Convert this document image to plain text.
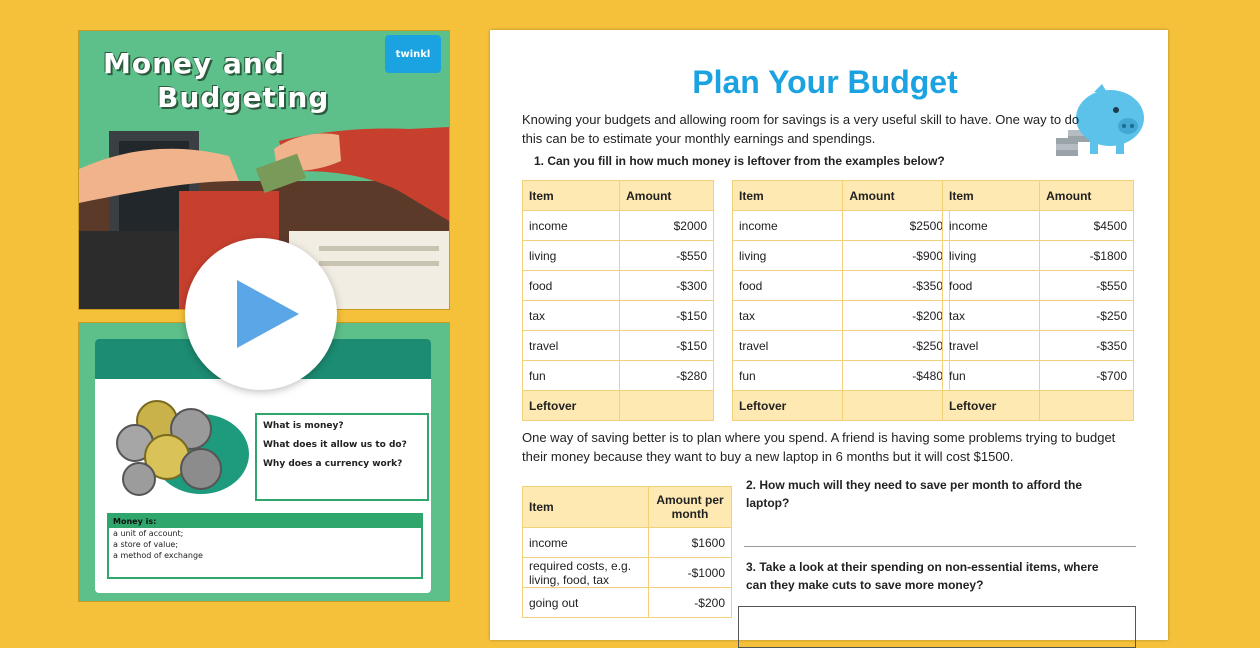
Money and
Budgeting
twinkl
What is money?
What does it allow us to do?
Why does a currency work?
Money is:
a unit of account;
a store of value;
a method of exchange
Plan Your Budget
Knowing your budgets and allowing room for savings is a very useful skill to have. One way to do this can be to estimate your monthly earnings and spendings.
1. Can you fill in how much money is leftover from the examples below?
Item	Amount
income	$2000
living	-$550
food	-$300
tax	-$150
travel	-$150
fun	-$280
Leftover	
Item	Amount
income	$2500
living	-$900
food	-$350
tax	-$200
travel	-$250
fun	-$480
Leftover	
Item	Amount
income	$4500
living	-$1800
food	-$550
tax	-$250
travel	-$350
fun	-$700
Leftover	
One way of saving better is to plan where you spend. A friend is having some problems trying to budget their money because they want to buy a new laptop in 6 months but it will cost $1500.
Item	Amount per month
income	$1600
required costs, e.g. living, food, tax	-$1000
going out	-$200
2. How much will they need to save per month to afford the laptop?
3. Take a look at their spending on non-essential items, where can they make cuts to save more money?
